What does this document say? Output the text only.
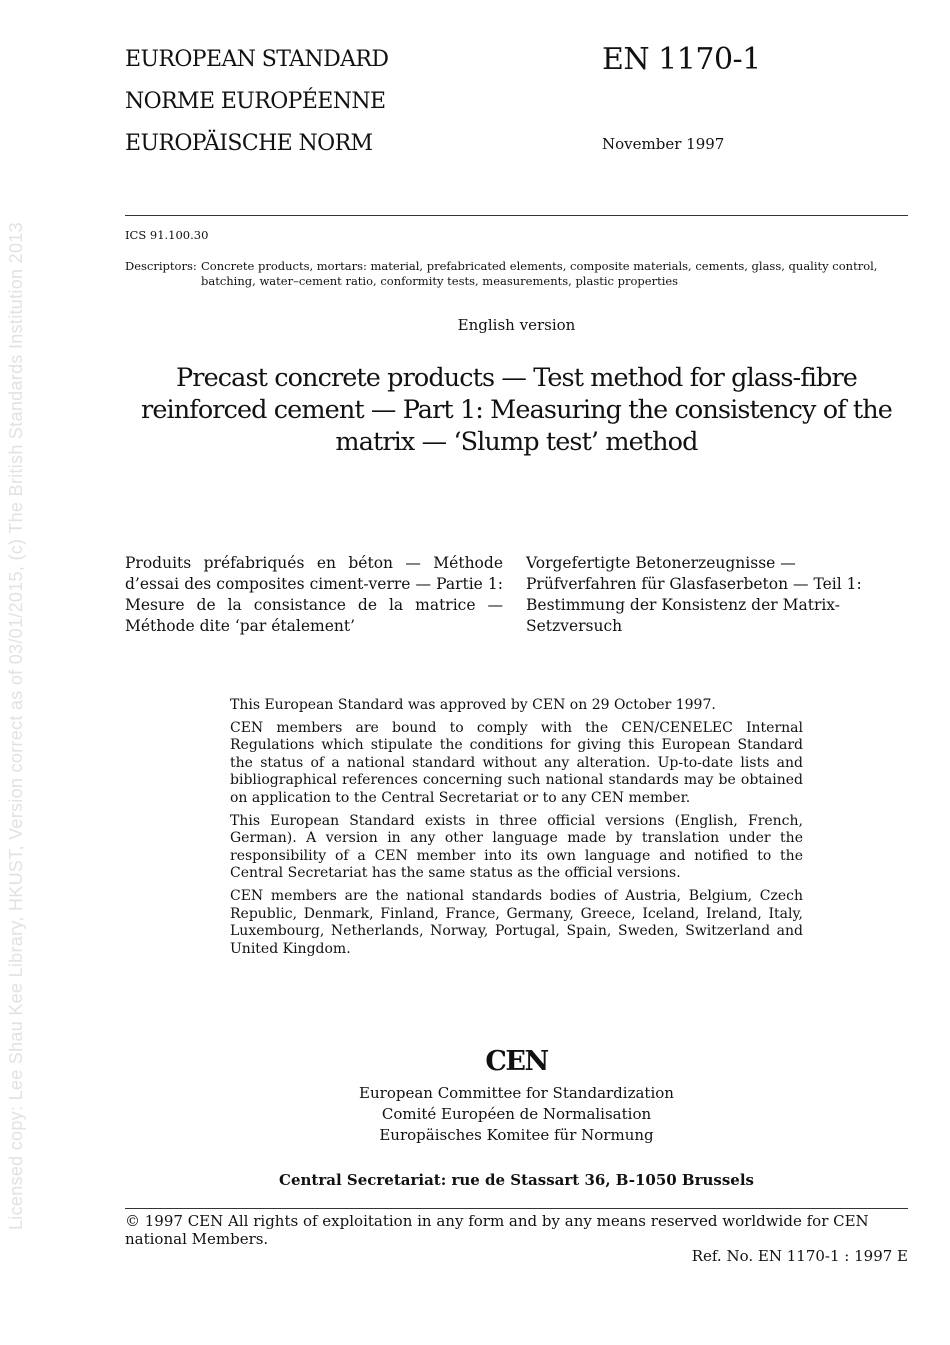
Licensed copy: Lee Shau Kee Library, HKUST, Version correct as of 03/01/2015, (c) The British Standards Institution 2013
EUROPEAN STANDARD
NORME EUROPÉENNE
EUROPÄISCHE NORM
EN 1170-1
November 1997
ICS 91.100.30
Descriptors: Concrete products, mortars: material, prefabricated elements, composite materials, cements, glass, quality control, batching, water–cement ratio, conformity tests, measurements, plastic properties
English version
Precast concrete products — Test method for glass-fibre reinforced cement — Part 1: Measuring the consistency of the matrix — ‘Slump test’ method
Produits préfabriqués en béton — Méthode d’essai des composites ciment-verre — Partie 1: Mesure de la consistance de la matrice — Méthode dite ‘par étalement’
Vorgefertigte Betonerzeugnisse — Prüfverfahren für Glasfaserbeton — Teil 1: Bestimmung der Konsistenz der Matrix-Setzversuch

This European Standard was approved by CEN on 29 October 1997.

CEN members are bound to comply with the CEN/CENELEC Internal Regulations which stipulate the conditions for giving this European Standard the status of a national standard without any alteration. Up-to-date lists and bibliographical references concerning such national standards may be obtained on application to the Central Secretariat or to any CEN member.

This European Standard exists in three official versions (English, French, German). A version in any other language made by translation under the responsibility of a CEN member into its own language and notified to the Central Secretariat has the same status as the official versions.

CEN members are the national standards bodies of Austria, Belgium, Czech Republic, Denmark, Finland, France, Germany, Greece, Iceland, Ireland, Italy, Luxembourg, Netherlands, Norway, Portugal, Spain, Sweden, Switzerland and United Kingdom.

CEN
European Committee for Standardization
Comité Européen de Normalisation
Europäisches Komitee für Normung
Central Secretariat: rue de Stassart 36, B-1050 Brussels
© 1997 CEN All rights of exploitation in any form and by any means reserved worldwide for CEN national Members.
Ref. No. EN 1170-1 : 1997 E
